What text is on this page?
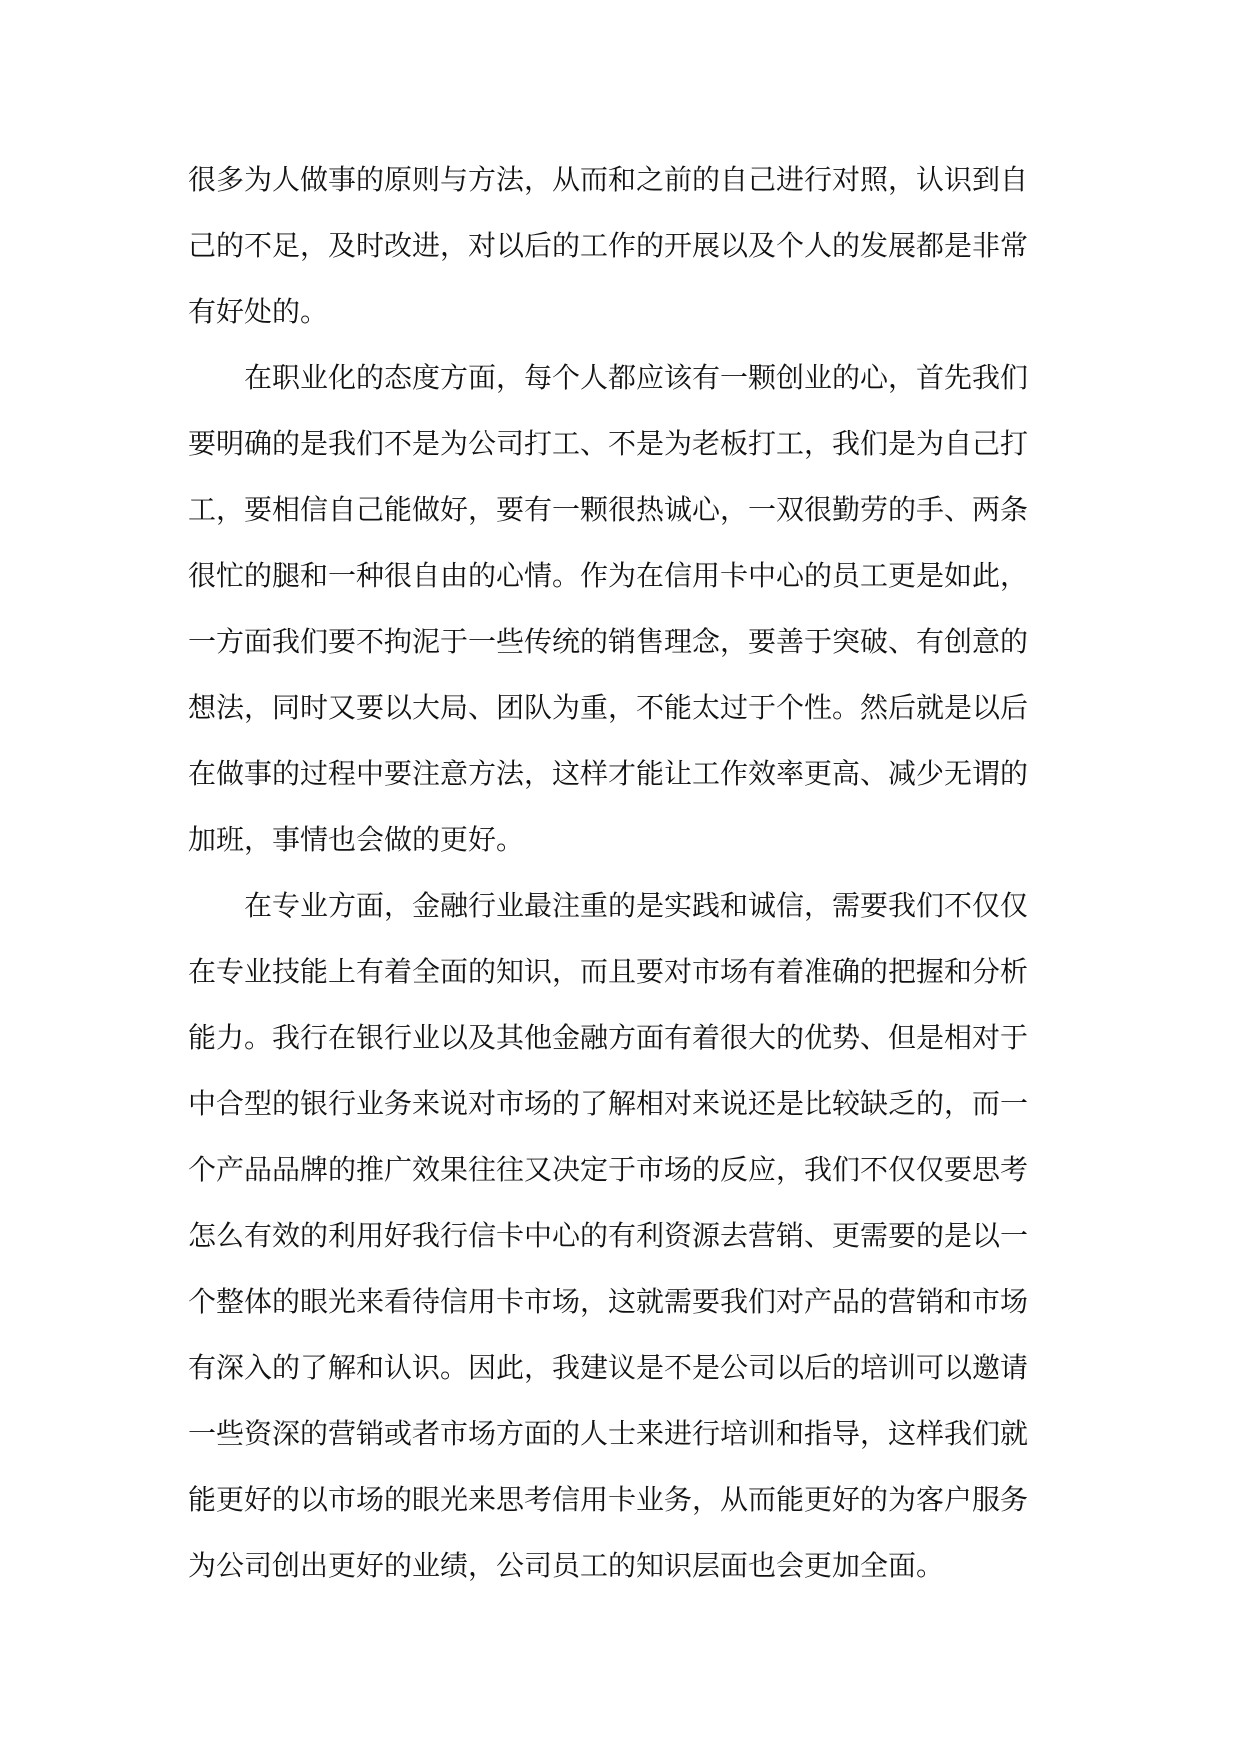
很多为人做事的原则与方法，从而和之前的自己进行对照，认识到自
己的不足，及时改进，对以后的工作的开展以及个人的发展都是非常
有好处的。

在职业化的态度方面，每个人都应该有一颗创业的心，首先我们
要明确的是我们不是为公司打工、不是为老板打工，我们是为自己打
工，要相信自己能做好，要有一颗很热诚心，一双很勤劳的手、两条
很忙的腿和一种很自由的心情。作为在信用卡中心的员工更是如此，
一方面我们要不拘泥于一些传统的销售理念，要善于突破、有创意的
想法，同时又要以大局、团队为重，不能太过于个性。然后就是以后
在做事的过程中要注意方法，这样才能让工作效率更高、减少无谓的
加班，事情也会做的更好。

在专业方面，金融行业最注重的是实践和诚信，需要我们不仅仅
在专业技能上有着全面的知识，而且要对市场有着准确的把握和分析
能力。我行在银行业以及其他金融方面有着很大的优势、但是相对于
中合型的银行业务来说对市场的了解相对来说还是比较缺乏的，而一
个产品品牌的推广效果往往又决定于市场的反应，我们不仅仅要思考
怎么有效的利用好我行信卡中心的有利资源去营销、更需要的是以一
个整体的眼光来看待信用卡市场，这就需要我们对产品的营销和市场
有深入的了解和认识。因此，我建议是不是公司以后的培训可以邀请
一些资深的营销或者市场方面的人士来进行培训和指导，这样我们就
能更好的以市场的眼光来思考信用卡业务，从而能更好的为客户服务
为公司创出更好的业绩，公司员工的知识层面也会更加全面。
